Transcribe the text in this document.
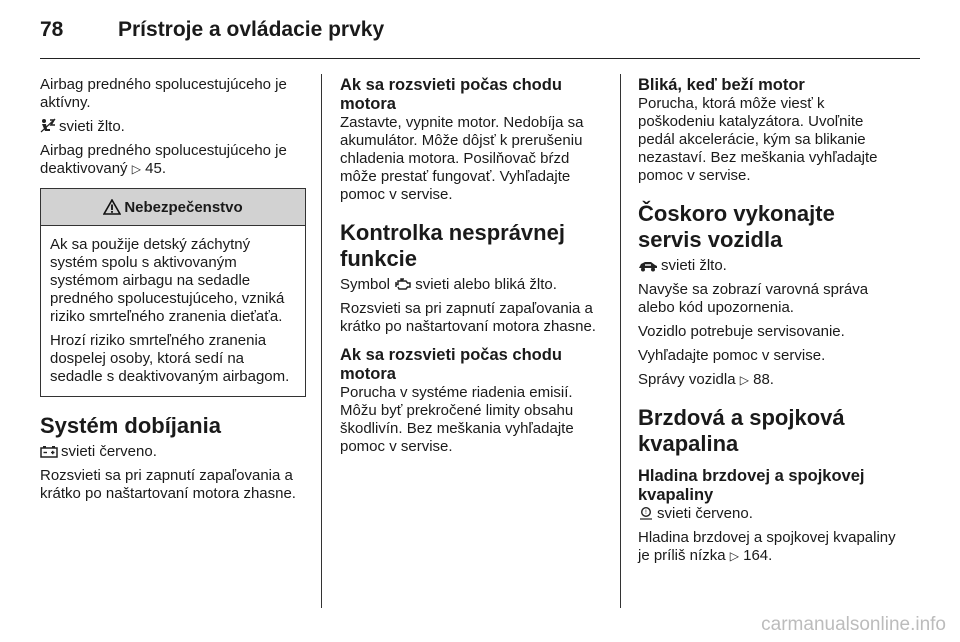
78	Prístroje a ovládacie prvky

Airbag predného spolucestujúceho je aktívny.

svieti žlto.

Airbag predného spolucestujúceho je deaktivovaný ▷ 45.

Nebezpečenstvo

Ak sa použije detský záchytný systém spolu s aktivovaným systémom airbagu na sedadle predného spolucestujúceho, vzniká riziko smrteľného zranenia dieťaťa.

Hrozí riziko smrteľného zranenia dospelej osoby, ktorá sedí na sedadle s deaktivovaným airbagom.

Systém dobíjania

svieti červeno.

Rozsvieti sa pri zapnutí zapaľovania a krátko po naštartovaní motora zhasne.

Ak sa rozsvieti počas chodu motora

Zastavte, vypnite motor. Nedobíja sa akumulátor. Môže dôjsť k prerušeniu chladenia motora. Posilňovač bŕzd môže prestať fungovať. Vyhľadajte pomoc v servise.

Kontrolka nesprávnej funkcie

Symbol svieti alebo bliká žlto.

Rozsvieti sa pri zapnutí zapaľovania a krátko po naštartovaní motora zhasne.

Ak sa rozsvieti počas chodu motora

Porucha v systéme riadenia emisií. Môžu byť prekročené limity obsahu škodlivín. Bez meškania vyhľadajte pomoc v servise.

Bliká, keď beží motor

Porucha, ktorá môže viesť k poškodeniu katalyzátora. Uvoľnite pedál akcelerácie, kým sa blikanie nezastaví. Bez meškania vyhľadajte pomoc v servise.

Čoskoro vykonajte servis vozidla

svieti žlto.

Navyše sa zobrazí varovná správa alebo kód upozornenia.

Vozidlo potrebuje servisovanie.

Vyhľadajte pomoc v servise.

Správy vozidla ▷ 88.

Brzdová a spojková kvapalina
Hladina brzdovej a spojkovej kvapaliny

! svieti červeno.

Hladina brzdovej a spojkovej kvapaliny je príliš nízka ▷ 164.

carmanualsonline.info
